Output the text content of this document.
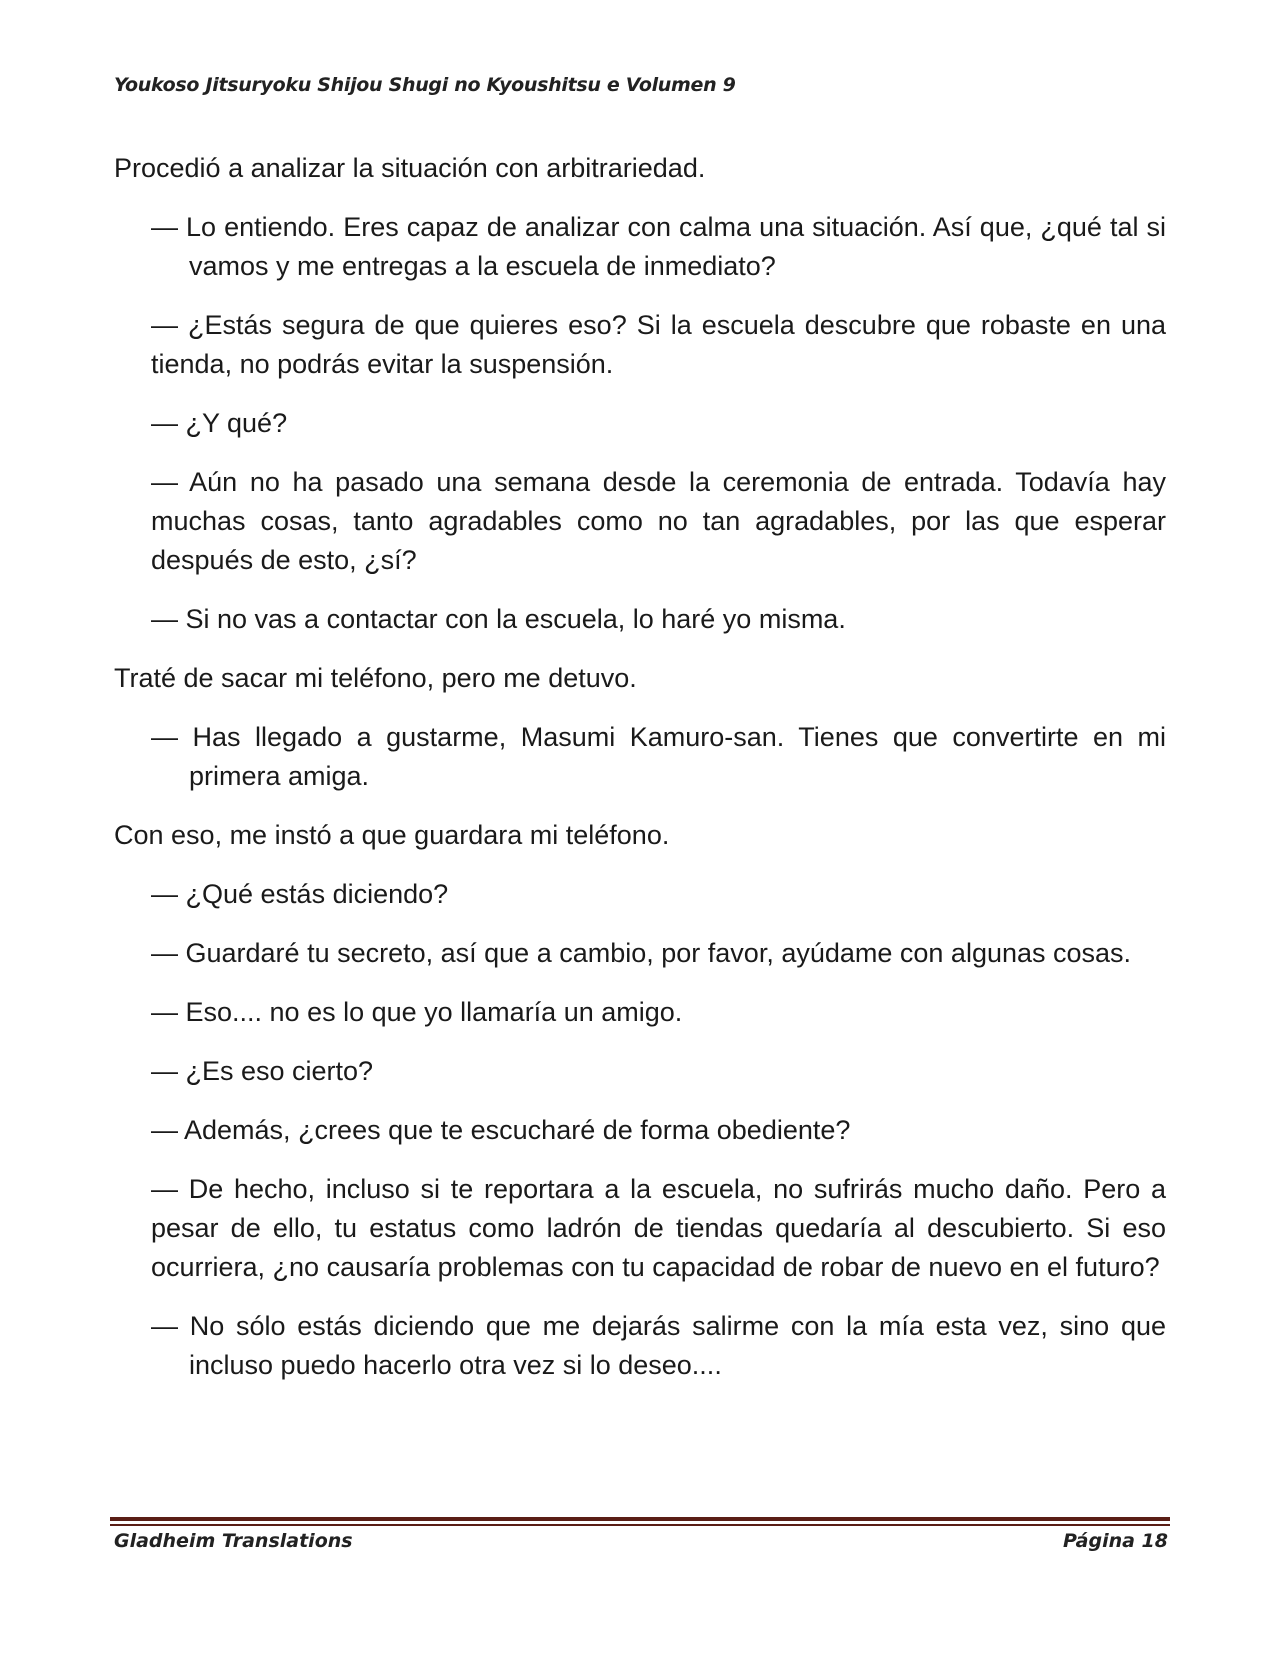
Youkoso Jitsuryoku Shijou Shugi no Kyoushitsu e Volumen 9

Procedió a analizar la situación con arbitrariedad.

— Lo entiendo. Eres capaz de analizar con calma una situación. Así que, ¿qué tal si vamos y me entregas a la escuela de inmediato?

— ¿Estás segura de que quieres eso? Si la escuela descubre que robaste en una tienda, no podrás evitar la suspensión.

— ¿Y qué?

— Aún no ha pasado una semana desde la ceremonia de entrada. Todavía hay muchas cosas, tanto agradables como no tan agradables, por las que esperar después de esto, ¿sí?

— Si no vas a contactar con la escuela, lo haré yo misma.

Traté de sacar mi teléfono, pero me detuvo.

— Has llegado a gustarme, Masumi Kamuro-san. Tienes que convertirte en mi primera amiga.

Con eso, me instó a que guardara mi teléfono.

— ¿Qué estás diciendo?

— Guardaré tu secreto, así que a cambio, por favor, ayúdame con algunas cosas.

— Eso.... no es lo que yo llamaría un amigo.

— ¿Es eso cierto?

— Además, ¿crees que te escucharé de forma obediente?

— De hecho, incluso si te reportara a la escuela, no sufrirás mucho daño. Pero a pesar de ello, tu estatus como ladrón de tiendas quedaría al descubierto. Si eso ocurriera, ¿no causaría problemas con tu capacidad de robar de nuevo en el futuro?

— No sólo estás diciendo que me dejarás salirme con la mía esta vez, sino que incluso puedo hacerlo otra vez si lo deseo....

Gladheim Translations	Página 18
